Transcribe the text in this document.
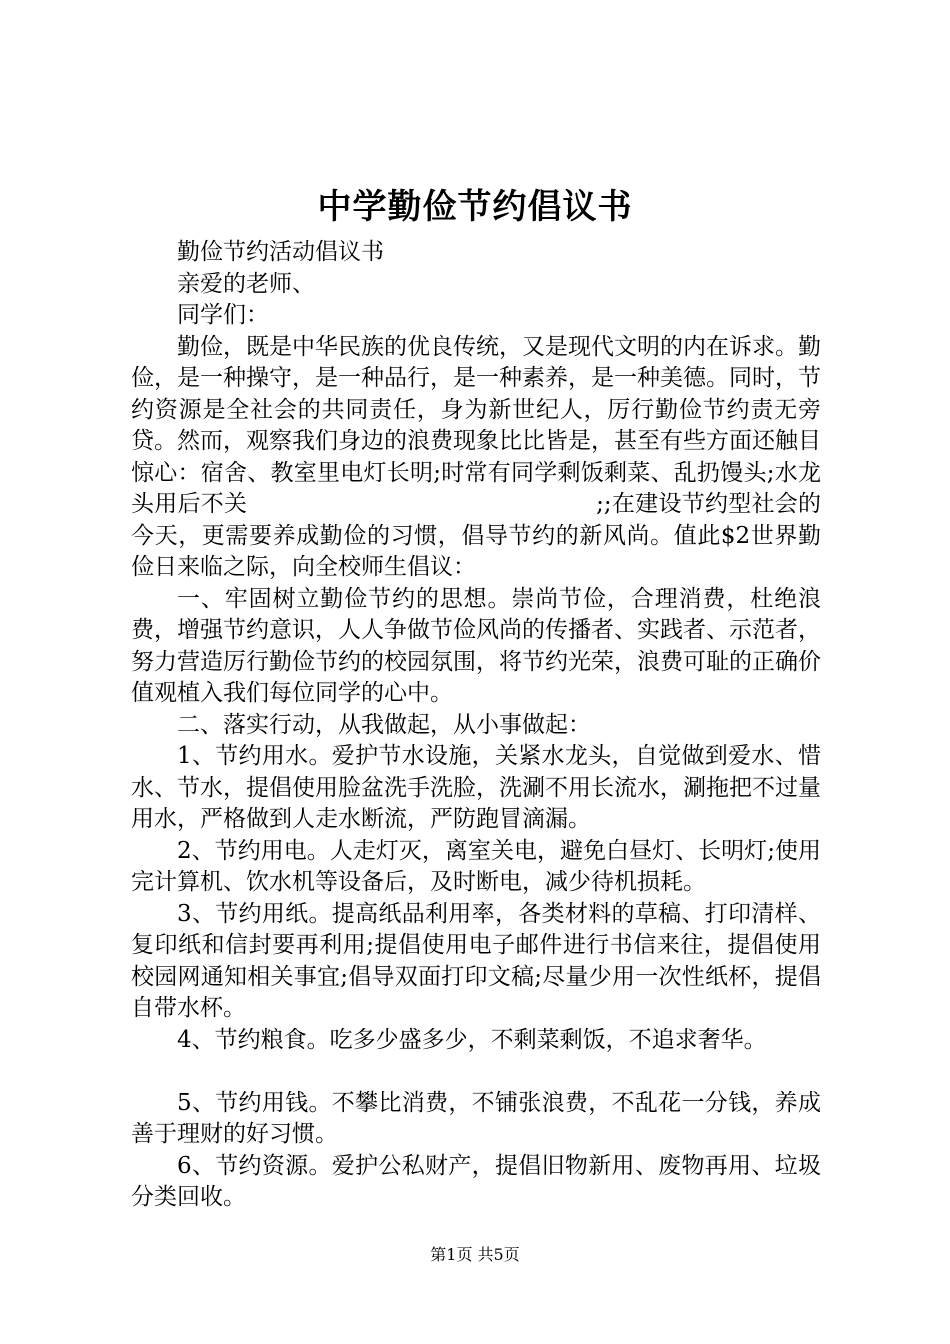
中学勤俭节约倡议书

勤俭节约活动倡议书

亲爱的老师、

同学们：

勤俭，既是中华民族的优良传统，又是现代文明的内在诉求。勤俭，是一种操守，是一种品行，是一种素养，是一种美德。同时，节约资源是全社会的共同责任，身为新世纪人，厉行勤俭节约责无旁贷。然而，观察我们身边的浪费现象比比皆是，甚至有些方面还触目惊心：宿舍、教室里电灯长明;时常有同学剩饭剩菜、乱扔馒头;水龙头用后不关　　　　　　　　　　　　　　　;;在建设节约型社会的今天，更需要养成勤俭的习惯，倡导节约的新风尚。值此$2世界勤俭日来临之际，向全校师生倡议：

一、牢固树立勤俭节约的思想。崇尚节俭，合理消费，杜绝浪费，增强节约意识，人人争做节俭风尚的传播者、实践者、示范者，努力营造厉行勤俭节约的校园氛围，将节约光荣，浪费可耻的正确价值观植入我们每位同学的心中。

二、落实行动，从我做起，从小事做起：

1、节约用水。爱护节水设施，关紧水龙头，自觉做到爱水、惜水、节水，提倡使用脸盆洗手洗脸，洗涮不用长流水，涮拖把不过量用水，严格做到人走水断流，严防跑冒滴漏。

2、节约用电。人走灯灭，离室关电，避免白昼灯、长明灯;使用完计算机、饮水机等设备后，及时断电，减少待机损耗。

3、节约用纸。提高纸品利用率，各类材料的草稿、打印清样、复印纸和信封要再利用;提倡使用电子邮件进行书信来往，提倡使用校园网通知相关事宜;倡导双面打印文稿;尽量少用一次性纸杯，提倡自带水杯。

4、节约粮食。吃多少盛多少，不剩菜剩饭，不追求奢华。

5、节约用钱。不攀比消费，不铺张浪费，不乱花一分钱，养成善于理财的好习惯。

6、节约资源。爱护公私财产，提倡旧物新用、废物再用、垃圾分类回收。

第1页 共5页
